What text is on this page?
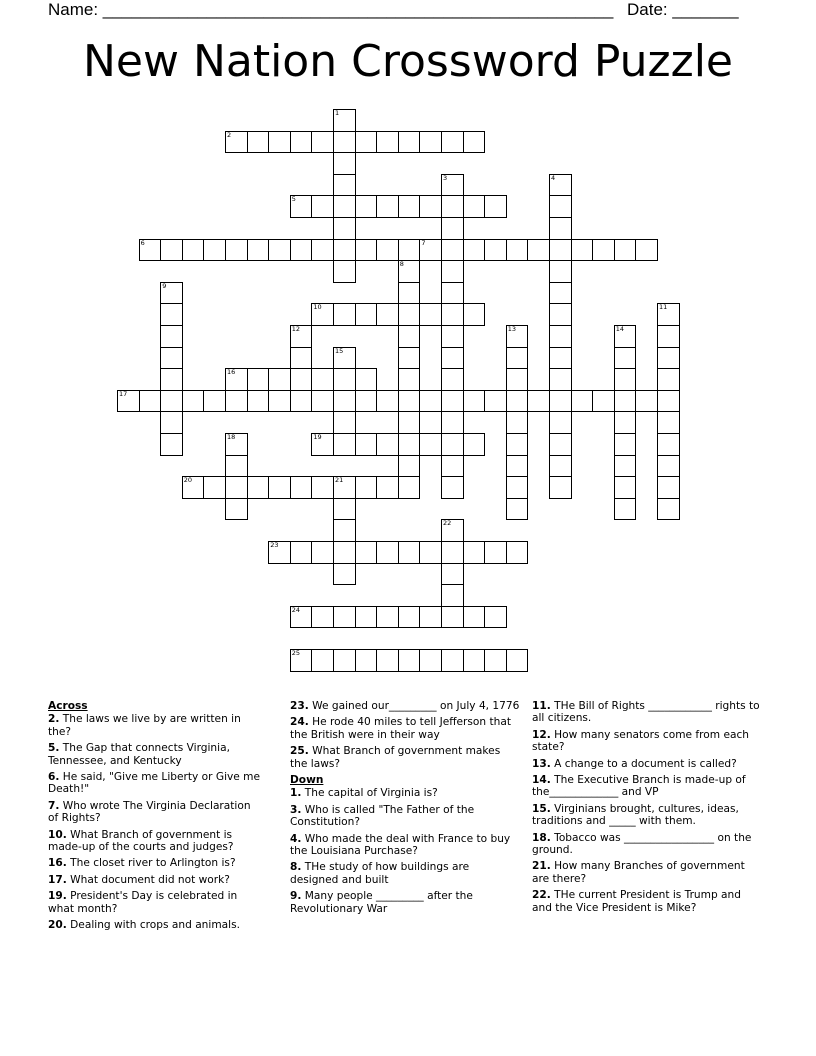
Name: ______________________________________________________ Date: _______
New Nation Crossword Puzzle
2
5
6	7
10
16
17
19
20
23
24
25
1
3	4
8
9
11
12	13	14
15
18
21
22
Across
2. The laws we live by are written in the?
5. The Gap that connects Virginia, Tennessee, and Kentucky
6. He said, "Give me Liberty or Give me Death!"
7. Who wrote The Virginia Declaration of Rights?
10. What Branch of government is made-up of the courts and judges?
16. The closet river to Arlington is?
17. What document did not work?
19. President's Day is celebrated in what month?
20. Dealing with crops and animals.
23. We gained our_________ on July 4, 1776
24. He rode 40 miles to tell Jefferson that the British were in their way
25. What Branch of government makes the laws?
Down
1. The capital of Virginia is?
3. Who is called "The Father of the Constitution?
4. Who made the deal with France to buy the Louisiana Purchase?
8. THe study of how buildings are designed and built
9. Many people _________ after the Revolutionary War
11. THe Bill of Rights ____________ rights to all citizens.
12. How many senators come from each state?
13. A change to a document is called?
14. The Executive Branch is made-up of the_____________ and VP
15. Virginians brought, cultures, ideas, traditions and _____ with them.
18. Tobacco was _________________ on the ground.
21. How many Branches of government are there?
22. THe current President is Trump and and the Vice President is Mike?
